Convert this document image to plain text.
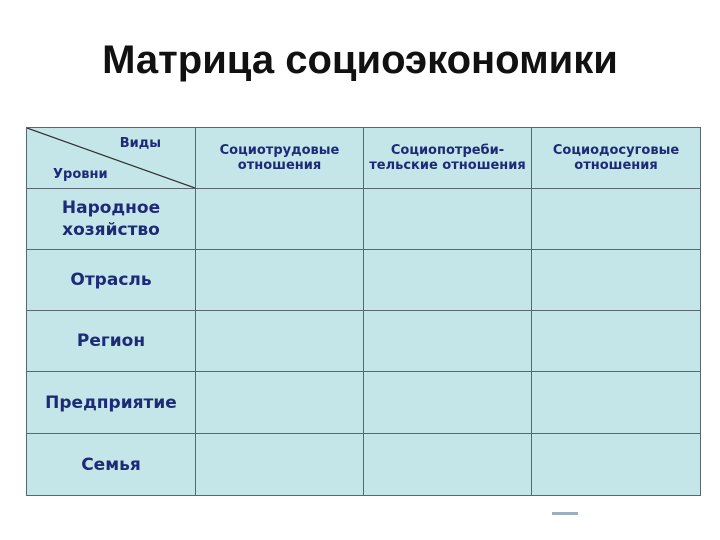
Матрица социоэкономики
Виды
Уровни	Социотрудовые отношения	Социопотреби-тельские отношения	Социодосуговые отношения
Народное хозяйство			
Отрасль			
Регион			
Предприятие			
Семья			
